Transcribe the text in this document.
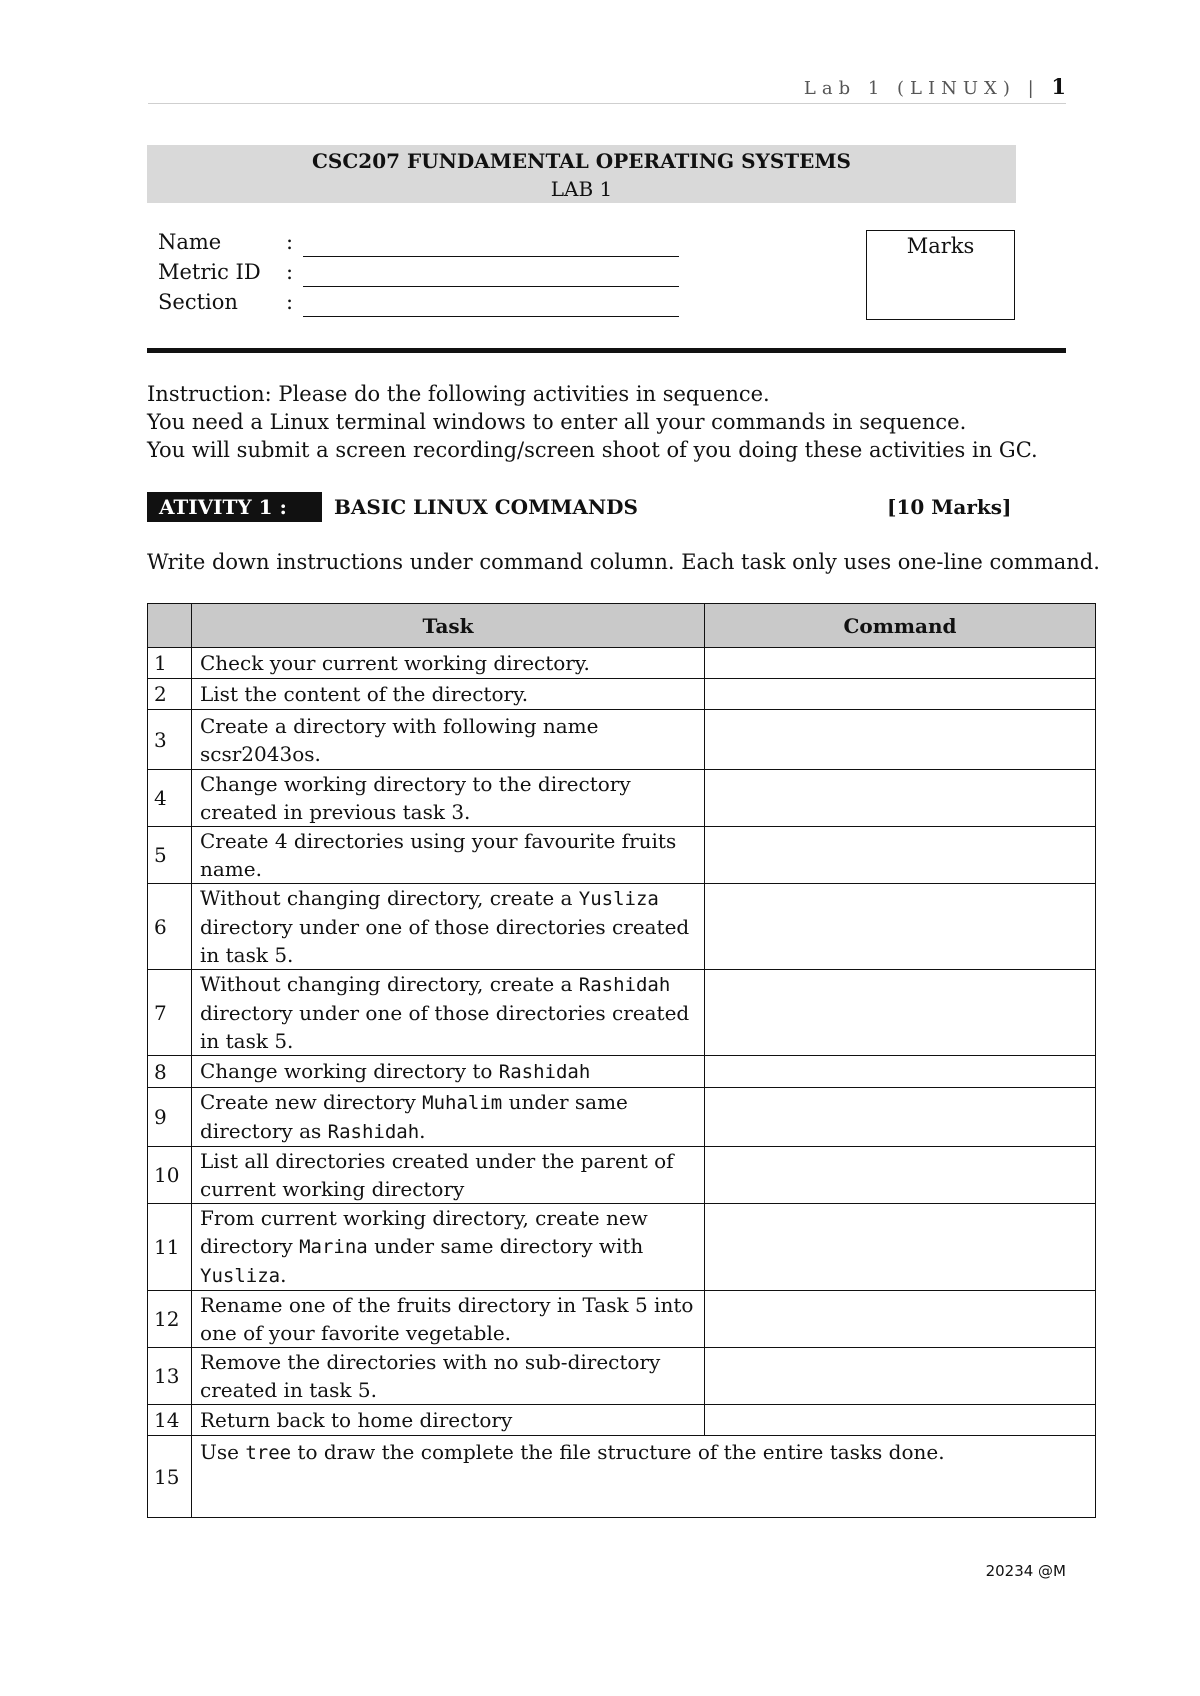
Lab 1 (LINUX) | 1
CSC207 FUNDAMENTAL OPERATING SYSTEMS
LAB 1
Name	:
Metric ID	:
Section	:
Marks
Instruction: Please do the following activities in sequence.
You need a Linux terminal windows to enter all your commands in sequence.
You will submit a screen recording/screen shoot of you doing these activities in GC.
ATIVITY 1 :	BASIC LINUX COMMANDS	[10 Marks]
Write down instructions under command column. Each task only uses one-line command.
	Task	Command
1	Check your current working directory.	
2	List the content of the directory.	
3	Create a directory with following name scsr2043os.	
4	Change working directory to the directory created in previous task 3.	
5	Create 4 directories using your favourite fruits name.	
6	Without changing directory, create a Yusliza directory under one of those directories created in task 5.	
7	Without changing directory, create a Rashidah directory under one of those directories created in task 5.	
8	Change working directory to Rashidah	
9	Create new directory Muhalim under same directory as Rashidah.	
10	List all directories created under the parent of current working directory	
11	From current working directory, create new directory Marina under same directory with Yusliza.	
12	Rename one of the fruits directory in Task 5 into one of your favorite vegetable.	
13	Remove the directories with no sub-directory created in task 5.	
14	Return back to home directory	
15	Use tree to draw the complete the file structure of the entire tasks done.	
20234 @M
